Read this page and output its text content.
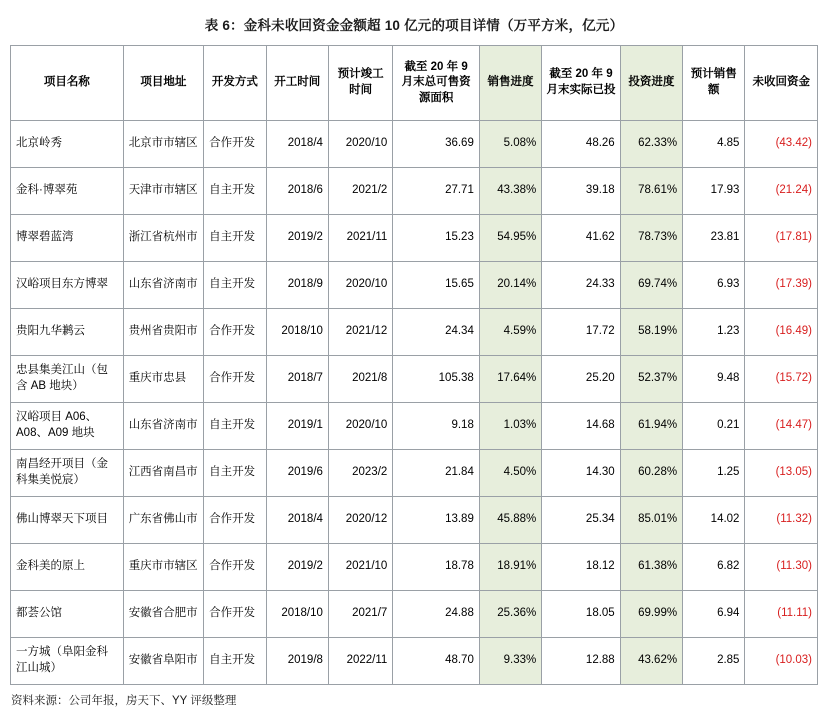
表 6：金科未收回资金金额超 10 亿元的项目详情（万平方米，亿元）
项目名称	项目地址	开发方式	开工时间	预计竣工时间	截至 20 年 9 月末总可售资源面积	销售进度	截至 20 年 9 月末实际已投	投资进度	预计销售额	未收回资金
北京岭秀	北京市市辖区	合作开发	2018/4	2020/10	36.69	5.08%	48.26	62.33%	4.85	(43.42)
金科·博翠苑	天津市市辖区	自主开发	2018/6	2021/2	27.71	43.38%	39.18	78.61%	17.93	(21.24)
博翠碧蓝湾	浙江省杭州市	自主开发	2019/2	2021/11	15.23	54.95%	41.62	78.73%	23.81	(17.81)
汉峪项目东方博翠	山东省济南市	自主开发	2018/9	2020/10	15.65	20.14%	24.33	69.74%	6.93	(17.39)
贵阳九华鹣云	贵州省贵阳市	合作开发	2018/10	2021/12	24.34	4.59%	17.72	58.19%	1.23	(16.49)
忠县集美江山（包含 AB 地块）	重庆市忠县	合作开发	2018/7	2021/8	105.38	17.64%	25.20	52.37%	9.48	(15.72)
汉峪项目 A06、A08、A09 地块	山东省济南市	自主开发	2019/1	2020/10	9.18	1.03%	14.68	61.94%	0.21	(14.47)
南昌经开项目（金科集美悦宸）	江西省南昌市	自主开发	2019/6	2023/2	21.84	4.50%	14.30	60.28%	1.25	(13.05)
佛山博翠天下项目	广东省佛山市	合作开发	2018/4	2020/12	13.89	45.88%	25.34	85.01%	14.02	(11.32)
金科美的原上	重庆市市辖区	合作开发	2019/2	2021/10	18.78	18.91%	18.12	61.38%	6.82	(11.30)
都荟公馆	安徽省合肥市	合作开发	2018/10	2021/7	24.88	25.36%	18.05	69.99%	6.94	(11.11)
一方城（阜阳金科江山城）	安徽省阜阳市	自主开发	2019/8	2022/11	48.70	9.33%	12.88	43.62%	2.85	(10.03)
资料来源：公司年报，房天下、YY 评级整理
